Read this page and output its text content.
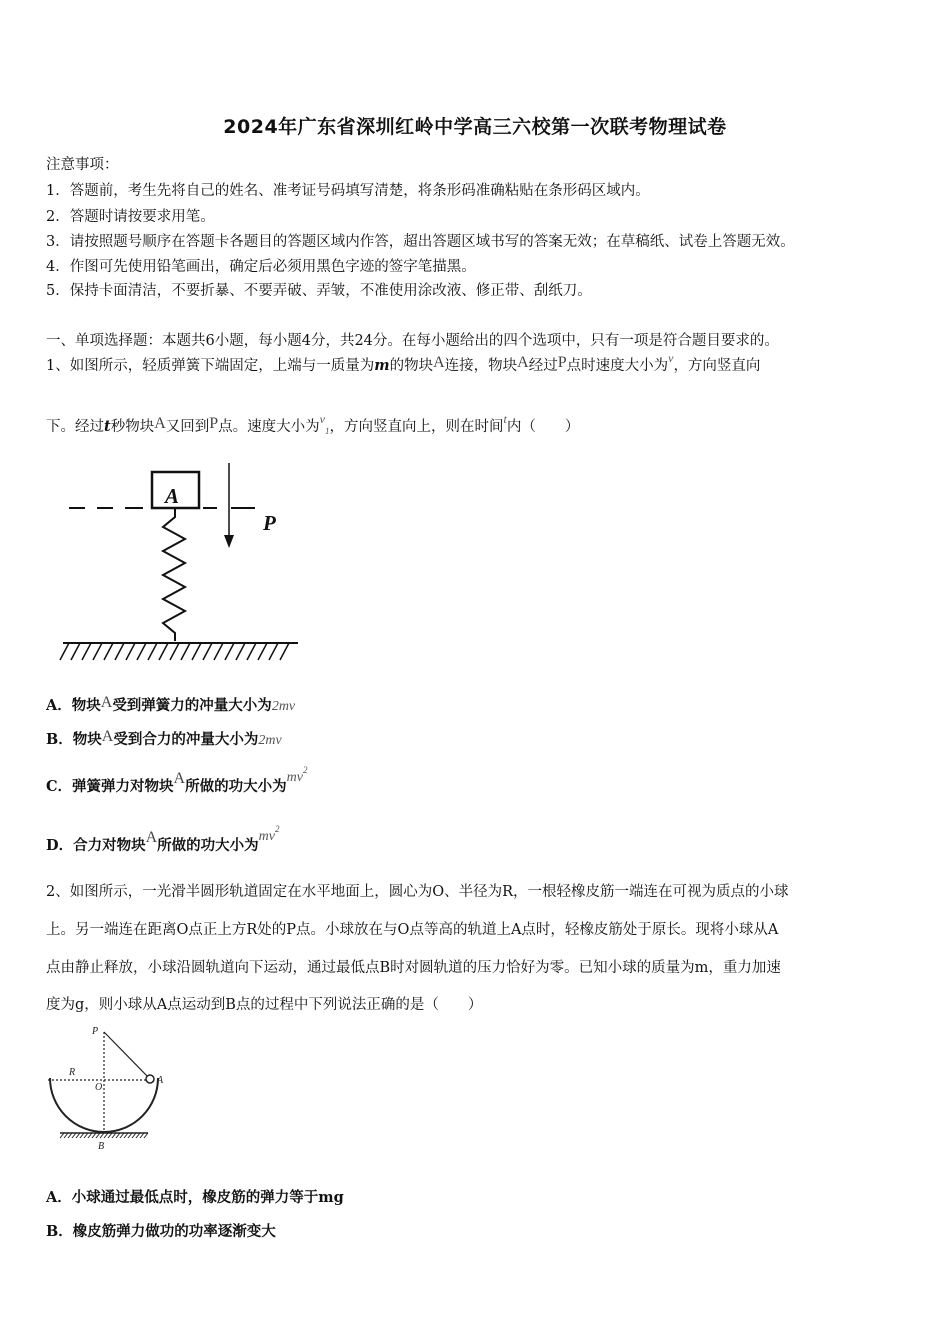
2024年广东省深圳红岭中学高三六校第一次联考物理试卷
注意事项：
1．答题前，考生先将自己的姓名、准考证号码填写清楚，将条形码准确粘贴在条形码区域内。
2．答题时请按要求用笔。
3．请按照题号顺序在答题卡各题目的答题区域内作答，超出答题区域书写的答案无效；在草稿纸、试卷上答题无效。
4．作图可先使用铅笔画出，确定后必须用黑色字迹的签字笔描黑。
5．保持卡面清洁，不要折暴、不要弄破、弄皱，不准使用涂改液、修正带、刮纸刀。
一、单项选择题：本题共6小题，每小题4分，共24分。在每小题给出的四个选项中，只有一项是符合题目要求的。
1、如图所示，轻质弹簧下端固定，上端与一质量为m的物块A连接，物块A经过P点时速度大小为$^v$，方向竖直向
下。经过t秒物块A又回到P点。速度大小为$^v_1$，方向竖直向上，则在时间$^t$内（　　）
A
P
A．物块A受到弹簧力的冲量大小为2mv
B．物块A受到合力的冲量大小为2mv
C．弹簧弹力对物块A所做的功大小为$mv^2$
D．合力对物块A所做的功大小为$mv^2$
2、如图所示，一光滑半圆形轨道固定在水平地面上，圆心为O、半径为R，一根轻橡皮筋一端连在可视为质点的小球
上。另一端连在距离O点正上方R处的P点。小球放在与O点等高的轨道上A点时，轻橡皮筋处于原长。现将小球从A
点由静止释放，小球沿圆轨道向下运动，通过最低点B时对圆轨道的压力恰好为零。已知小球的质量为m，重力加速
度为g，则小球从A点运动到B点的过程中下列说法正确的是（　　）
P
R
O
A
B
A．小球通过最低点时，橡皮筋的弹力等于mg
B．橡皮筋弹力做功的功率逐渐变大
